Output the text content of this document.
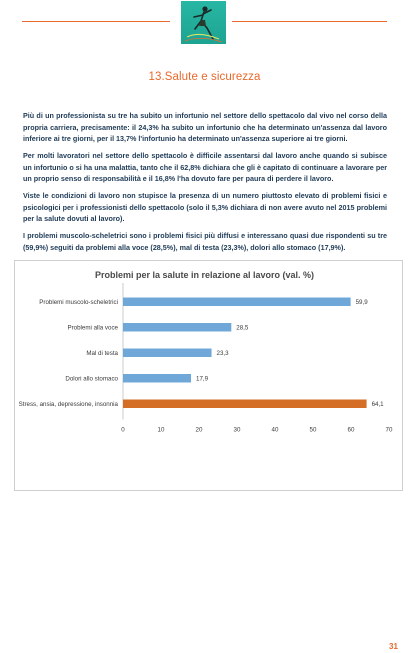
13.Salute e sicurezza

Più di un professionista su tre ha subito un infortunio nel settore dello spettacolo dal vivo nel corso della propria carriera, precisamente: il 24,3% ha subito un infortunio che ha determinato un'assenza dal lavoro inferiore ai tre giorni, per il 13,7% l'infortunio ha determinato un'assenza superiore ai tre giorni.

Per molti lavoratori nel settore dello spettacolo è difficile assentarsi dal lavoro anche quando si subisce un infortunio o si ha una malattia, tanto che il 62,8% dichiara che gli è capitato di continuare a lavorare per un proprio senso di responsabilità e il 16,8% l'ha dovuto fare per paura di perdere il lavoro.

Viste le condizioni di lavoro non stupisce la presenza di un numero piuttosto elevato di problemi fisici e psicologici per i professionisti dello spettacolo (solo il 5,3% dichiara di non avere avuto nel 2015 problemi per la salute dovuti al lavoro).

I problemi muscolo-scheletrici sono i problemi fisici più diffusi e interessano quasi due rispondenti su tre (59,9%) seguiti da problemi alla voce (28,5%), mal di testa (23,3%), dolori allo stomaco (17,9%).

Problemi per la salute in relazione al lavoro (val. %)
Problemi muscolo-scheletrici	59,9
Problemi alla voce	28,5
Mal di testa	23,3
Dolori allo stomaco	17,9
Stress, ansia, depressione, insonnia	64,1
0	10	20	30	40	50	60	70
31
